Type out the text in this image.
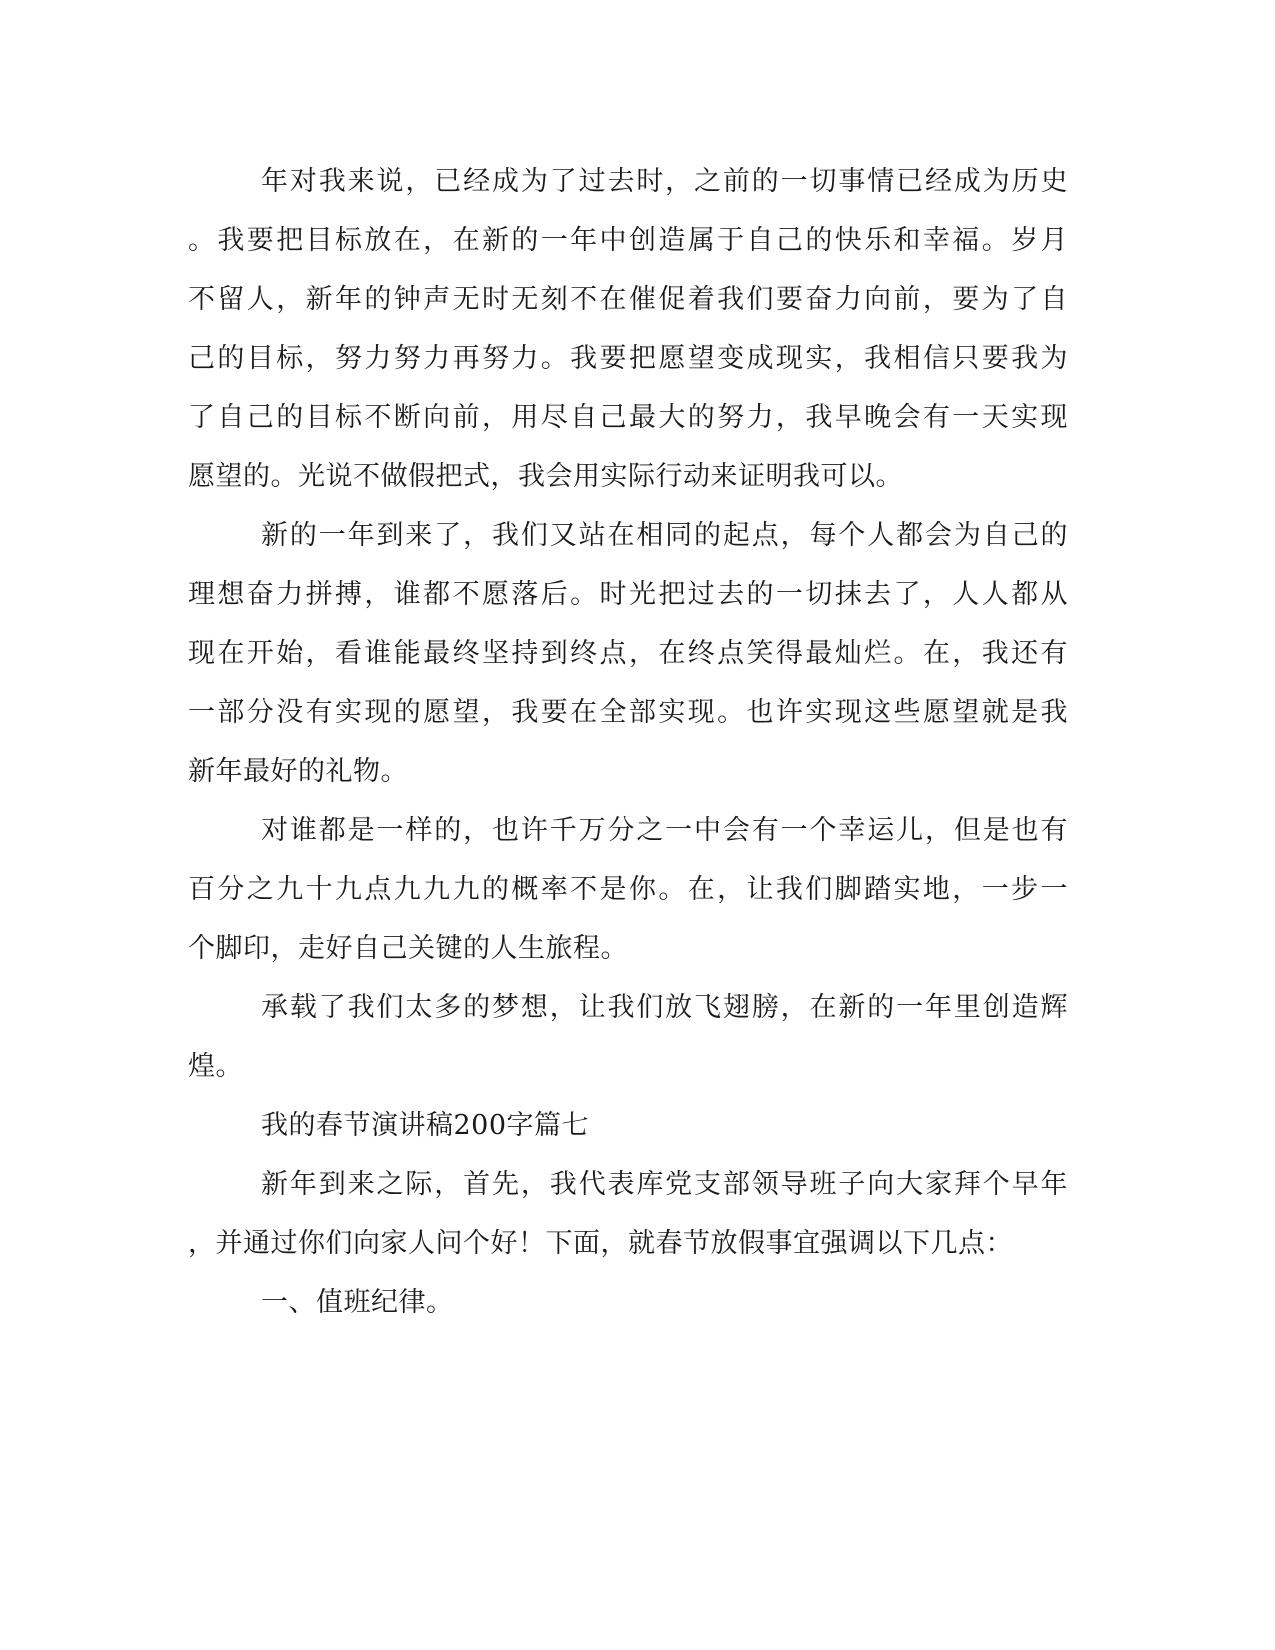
年对我来说，已经成为了过去时，之前的一切事情已经成为历史
。我要把目标放在，在新的一年中创造属于自己的快乐和幸福。岁月
不留人，新年的钟声无时无刻不在催促着我们要奋力向前，要为了自
己的目标，努力努力再努力。我要把愿望变成现实，我相信只要我为
了自己的目标不断向前，用尽自己最大的努力，我早晚会有一天实现
愿望的。光说不做假把式，我会用实际行动来证明我可以。
新的一年到来了，我们又站在相同的起点，每个人都会为自己的
理想奋力拼搏，谁都不愿落后。时光把过去的一切抹去了，人人都从
现在开始，看谁能最终坚持到终点，在终点笑得最灿烂。在，我还有
一部分没有实现的愿望，我要在全部实现。也许实现这些愿望就是我
新年最好的礼物。
对谁都是一样的，也许千万分之一中会有一个幸运儿，但是也有
百分之九十九点九九九的概率不是你。在，让我们脚踏实地，一步一
个脚印，走好自己关键的人生旅程。
承载了我们太多的梦想，让我们放飞翅膀，在新的一年里创造辉
煌。
我的春节演讲稿200字篇七
新年到来之际，首先，我代表库党支部领导班子向大家拜个早年
，并通过你们向家人问个好！下面，就春节放假事宜强调以下几点：
一、值班纪律。
